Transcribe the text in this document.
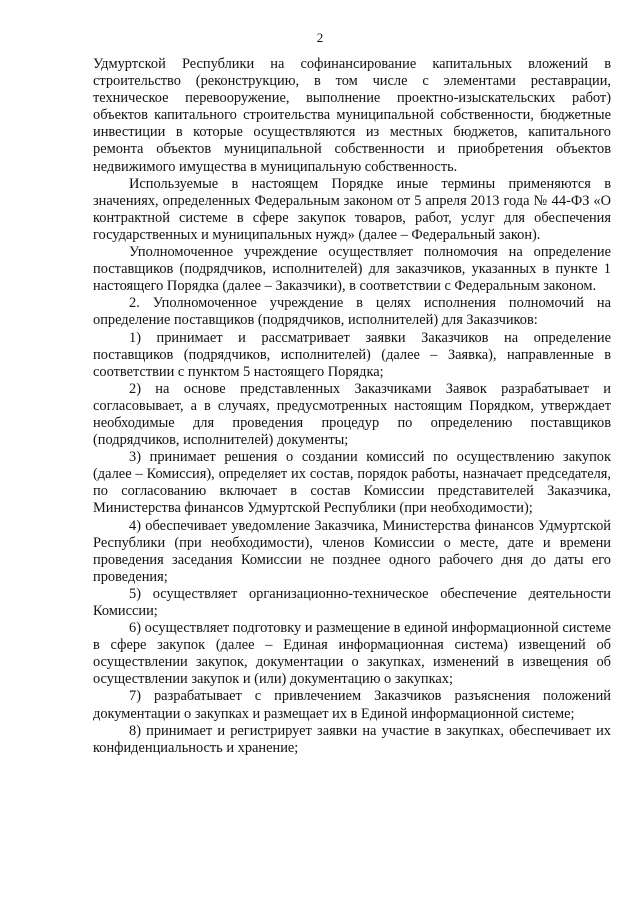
2

Удмуртской Республики на софинансирование капитальных вложений в строительство (реконструкцию, в том числе с элементами реставрации, техническое перевооружение, выполнение проектно-изыскательских работ) объектов капитального строительства муниципальной собственности, бюджетные инвестиции в которые осуществляются из местных бюджетов, капитального ремонта объектов муниципальной собственности и приобретения объектов недвижимого имущества в муниципальную собственность.

Используемые в настоящем Порядке иные термины применяются в значениях, определенных Федеральным законом от 5 апреля 2013 года № 44-ФЗ «О контрактной системе в сфере закупок товаров, работ, услуг для обеспечения государственных и муниципальных нужд» (далее – Федеральный закон).

Уполномоченное учреждение осуществляет полномочия на определение поставщиков (подрядчиков, исполнителей) для заказчиков, указанных в пункте 1 настоящего Порядка (далее – Заказчики), в соответствии с Федеральным законом.

2. Уполномоченное учреждение в целях исполнения полномочий на определение поставщиков (подрядчиков, исполнителей) для Заказчиков:

1) принимает и рассматривает заявки Заказчиков на определение поставщиков (подрядчиков, исполнителей) (далее – Заявка), направленные в соответствии с пунктом 5 настоящего Порядка;

2) на основе представленных Заказчиками Заявок разрабатывает и согласовывает, а в случаях, предусмотренных настоящим Порядком, утверждает необходимые для проведения процедур по определению поставщиков (подрядчиков, исполнителей) документы;

3) принимает решения о создании комиссий по осуществлению закупок (далее – Комиссия), определяет их состав, порядок работы, назначает председателя, по согласованию включает в состав Комиссии представителей Заказчика, Министерства финансов Удмуртской Республики (при необходимости);

4) обеспечивает уведомление Заказчика, Министерства финансов Удмуртской Республики (при необходимости), членов Комиссии о месте, дате и времени проведения заседания Комиссии не позднее одного рабочего дня до даты его проведения;

5) осуществляет организационно-техническое обеспечение деятельности Комиссии;

6) осуществляет подготовку и размещение в единой информационной системе в сфере закупок (далее – Единая информационная система) извещений об осуществлении закупок, документации о закупках, изменений в извещения об осуществлении закупок и (или) документацию о закупках;

7) разрабатывает с привлечением Заказчиков разъяснения положений документации о закупках и размещает их в Единой информационной системе;

8) принимает и регистрирует заявки на участие в закупках, обеспечивает их конфиденциальность и хранение;
